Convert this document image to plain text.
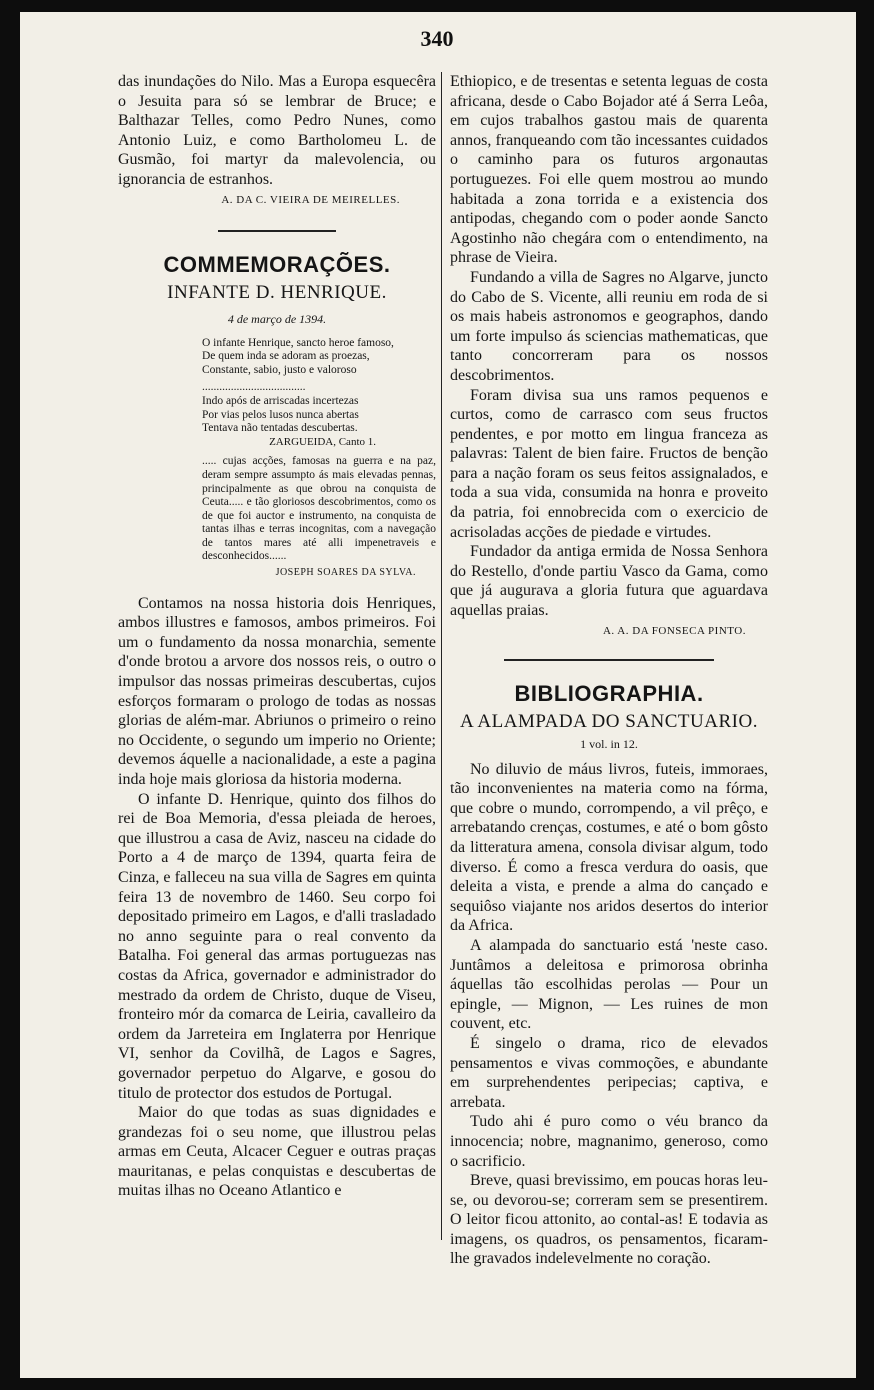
340

das inundações do Nilo. Mas a Europa esquecêra o Jesuita para só se lembrar de Bruce; e Balthazar Telles, como Pedro Nunes, como Antonio Luiz, e como Bartholomeu L. de Gusmão, foi martyr da malevolencia, ou ignorancia de estranhos.

A. DA C. VIEIRA DE MEIRELLES.
COMMEMORAÇÕES.
INFANTE D. HENRIQUE.
4 de março de 1394.
O infante Henrique, sancto heroe famoso,
De quem inda se adoram as proezas,
Constante, sabio, justo e valoroso
....................................
Indo após de arriscadas incertezas
Por vias pelos lusos nunca abertas
Tentava não tentadas descubertas.
ZARGUEIDA, Canto 1.
..... cujas acções, famosas na guerra e na paz, deram sempre assumpto ás mais elevadas pennas, principalmente as que obrou na conquista de Ceuta..... e tão gloriosos descobrimentos, como os de que foi auctor e instrumento, na conquista de tantas ilhas e terras incognitas, com a navegação de tantos mares até alli impenetraveis e desconhecidos......
JOSEPH SOARES DA SYLVA.

Contamos na nossa historia dois Henriques, ambos illustres e famosos, ambos primeiros. Foi um o fundamento da nossa monarchia, semente d'onde brotou a arvore dos nossos reis, o outro o impulsor das nossas primeiras descubertas, cujos esforços formaram o prologo de todas as nossas glorias de além-mar. Abriunos o primeiro o reino no Occidente, o segundo um imperio no Oriente; devemos áquelle a nacionalidade, a este a pagina inda hoje mais gloriosa da historia moderna.

O infante D. Henrique, quinto dos filhos do rei de Boa Memoria, d'essa pleiada de heroes, que illustrou a casa de Aviz, nasceu na cidade do Porto a 4 de março de 1394, quarta feira de Cinza, e falleceu na sua villa de Sagres em quinta feira 13 de novembro de 1460. Seu corpo foi depositado primeiro em Lagos, e d'alli trasladado no anno seguinte para o real convento da Batalha. Foi general das armas portuguezas nas costas da Africa, governador e administrador do mestrado da ordem de Christo, duque de Viseu, fronteiro mór da comarca de Leiria, cavalleiro da ordem da Jarreteira em Inglaterra por Henrique VI, senhor da Covilhã, de Lagos e Sagres, governador perpetuo do Algarve, e gosou do titulo de protector dos estudos de Portugal.

Maior do que todas as suas dignidades e grandezas foi o seu nome, que illustrou pelas armas em Ceuta, Alcacer Ceguer e outras praças mauritanas, e pelas conquistas e descubertas de muitas ilhas no Oceano Atlantico e

Ethiopico, e de tresentas e setenta leguas de costa africana, desde o Cabo Bojador até á Serra Leôa, em cujos trabalhos gastou mais de quarenta annos, franqueando com tão incessantes cuidados o caminho para os futuros argonautas portuguezes. Foi elle quem mostrou ao mundo habitada a zona torrida e a existencia dos antipodas, chegando com o poder aonde Sancto Agostinho não chegára com o entendimento, na phrase de Vieira.

Fundando a villa de Sagres no Algarve, juncto do Cabo de S. Vicente, alli reuniu em roda de si os mais habeis astronomos e geographos, dando um forte impulso ás sciencias mathematicas, que tanto concorreram para os nossos descobrimentos.

Foram divisa sua uns ramos pequenos e curtos, como de carrasco com seus fructos pendentes, e por motto em lingua franceza as palavras: Talent de bien faire. Fructos de benção para a nação foram os seus feitos assignalados, e toda a sua vida, consumida na honra e proveito da patria, foi ennobrecida com o exercicio de acrisoladas acções de piedade e virtudes.

Fundador da antiga ermida de Nossa Senhora do Restello, d'onde partiu Vasco da Gama, como que já augurava a gloria futura que aguardava aquellas praias.

A. A. DA FONSECA PINTO.
BIBLIOGRAPHIA.
A ALAMPADA DO SANCTUARIO.
1 vol. in 12.

No diluvio de máus livros, futeis, immoraes, tão inconvenientes na materia como na fórma, que cobre o mundo, corrompendo, a vil prêço, e arrebatando crenças, costumes, e até o bom gôsto da litteratura amena, consola divisar algum, todo diverso. É como a fresca verdura do oasis, que deleita a vista, e prende a alma do cançado e sequiôso viajante nos aridos desertos do interior da Africa.

A alampada do sanctuario está 'neste caso. Juntâmos a deleitosa e primorosa obrinha áquellas tão escolhidas perolas — Pour un epingle, — Mignon, — Les ruines de mon couvent, etc.

É singelo o drama, rico de elevados pensamentos e vivas commoções, e abundante em surprehendentes peripecias; captiva, e arrebata.

Tudo ahi é puro como o véu branco da innocencia; nobre, magnanimo, generoso, como o sacrificio.

Breve, quasi brevissimo, em poucas horas leu-se, ou devorou-se; correram sem se presentirem. O leitor ficou attonito, ao contal-as! E todavia as imagens, os quadros, os pensamentos, ficaram-lhe gravados indelevelmente no coração.
